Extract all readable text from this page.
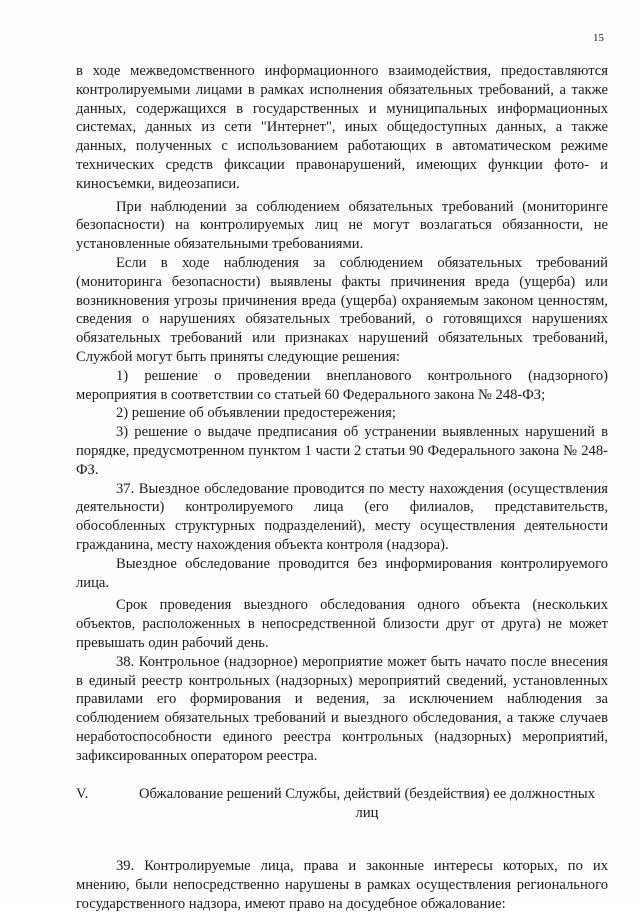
15

в ходе межведомственного информационного взаимодействия, предоставляются контролируемыми лицами в рамках исполнения обязательных требований, а также данных, содержащихся в государственных и муниципальных информационных системах, данных из сети "Интернет", иных общедоступных данных, а также данных, полученных с использованием работающих в автоматическом режиме технических средств фиксации правонарушений, имеющих функции фото- и киносъемки, видеозаписи.

При наблюдении за соблюдением обязательных требований (мониторинге безопасности) на контролируемых лиц не могут возлагаться обязанности, не установленные обязательными требованиями.

Если в ходе наблюдения за соблюдением обязательных требований (мониторинга безопасности) выявлены факты причинения вреда (ущерба) или возникновения угрозы причинения вреда (ущерба) охраняемым законом ценностям, сведения о нарушениях обязательных требований, о готовящихся нарушениях обязательных требований или признаках нарушений обязательных требований, Службой могут быть приняты следующие решения:

1) решение о проведении внепланового контрольного (надзорного) мероприятия в соответствии со статьей 60 Федерального закона № 248-ФЗ;

2) решение об объявлении предостережения;

3) решение о выдаче предписания об устранении выявленных нарушений в порядке, предусмотренном пунктом 1 части 2 статьи 90 Федерального закона № 248-ФЗ.

37. Выездное обследование проводится по месту нахождения (осуществления деятельности) контролируемого лица (его филиалов, представительств, обособленных структурных подразделений), месту осуществления деятельности гражданина, месту нахождения объекта контроля (надзора).

Выездное обследование проводится без информирования контролируемого лица.

Срок проведения выездного обследования одного объекта (нескольких объектов, расположенных в непосредственной близости друг от друга) не может превышать один рабочий день.

38. Контрольное (надзорное) мероприятие может быть начато после внесения в единый реестр контрольных (надзорных) мероприятий сведений, установленных правилами его формирования и ведения, за исключением наблюдения за соблюдением обязательных требований и выездного обследования, а также случаев неработоспособности единого реестра контрольных (надзорных) мероприятий, зафиксированных оператором реестра.

V.	Обжалование решений Службы, действий (бездействия) ее должностных лиц

39. Контролируемые лица, права и законные интересы которых, по их мнению, были непосредственно нарушены в рамках осуществления регионального государственного надзора, имеют право на досудебное обжалование:
